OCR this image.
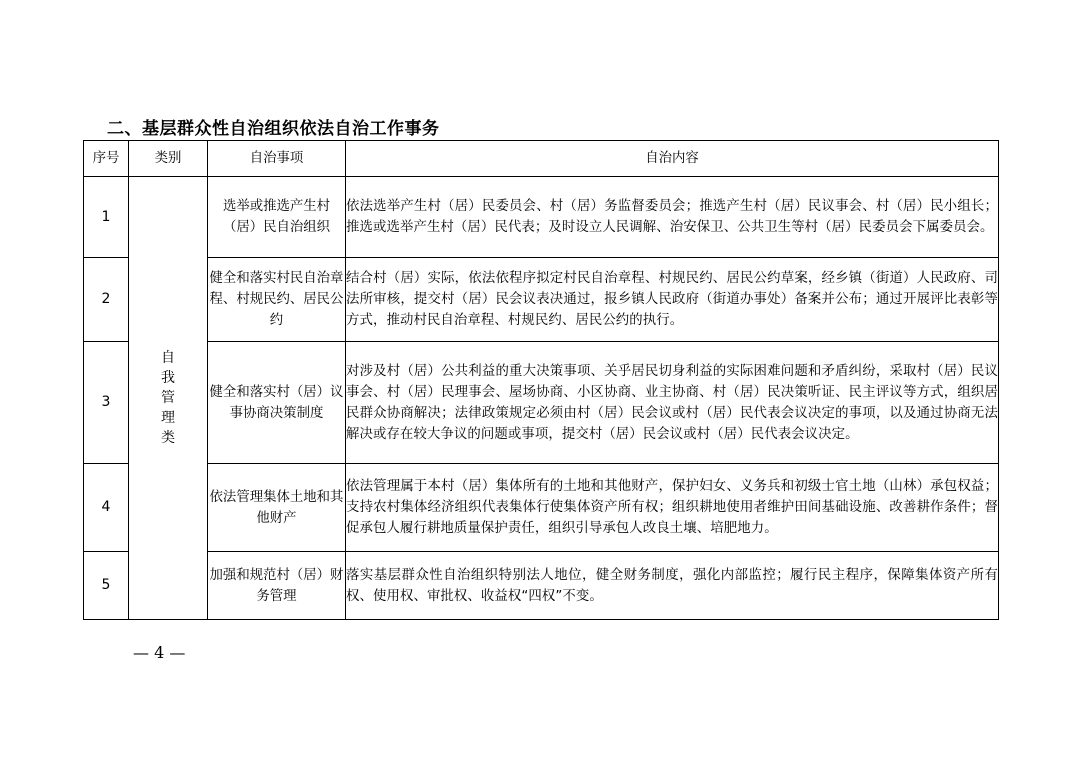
二、基层群众性自治组织依法自治工作事务
序号	类别	自治事项	自治内容
1	自我管理类	选举或推选产生村（居）民自治组织	依法选举产生村（居）民委员会、村（居）务监督委员会；推选产生村（居）民议事会、村（居）民小组长；推选或选举产生村（居）民代表；及时设立人民调解、治安保卫、公共卫生等村（居）民委员会下属委员会。
2		健全和落实村民自治章程、村规民约、居民公约	结合村（居）实际，依法依程序拟定村民自治章程、村规民约、居民公约草案，经乡镇（街道）人民政府、司法所审核，提交村（居）民会议表决通过，报乡镇人民政府（街道办事处）备案并公布；通过开展评比表彰等方式，推动村民自治章程、村规民约、居民公约的执行。
3		健全和落实村（居）议事协商决策制度	对涉及村（居）公共利益的重大决策事项、关乎居民切身利益的实际困难问题和矛盾纠纷，采取村（居）民议事会、村（居）民理事会、屋场协商、小区协商、业主协商、村（居）民决策听证、民主评议等方式，组织居民群众协商解决；法律政策规定必须由村（居）民会议或村（居）民代表会议决定的事项，以及通过协商无法解决或存在较大争议的问题或事项，提交村（居）民会议或村（居）民代表会议决定。
4		依法管理集体土地和其他财产	依法管理属于本村（居）集体所有的土地和其他财产，保护妇女、义务兵和初级士官土地（山林）承包权益；支持农村集体经济组织代表集体行使集体资产所有权；组织耕地使用者维护田间基础设施、改善耕作条件；督促承包人履行耕地质量保护责任，组织引导承包人改良土壤、培肥地力。
5		加强和规范村（居）财务管理	落实基层群众性自治组织特别法人地位，健全财务制度，强化内部监控；履行民主程序，保障集体资产所有权、使用权、审批权、收益权“四权”不变。
— 4 —
